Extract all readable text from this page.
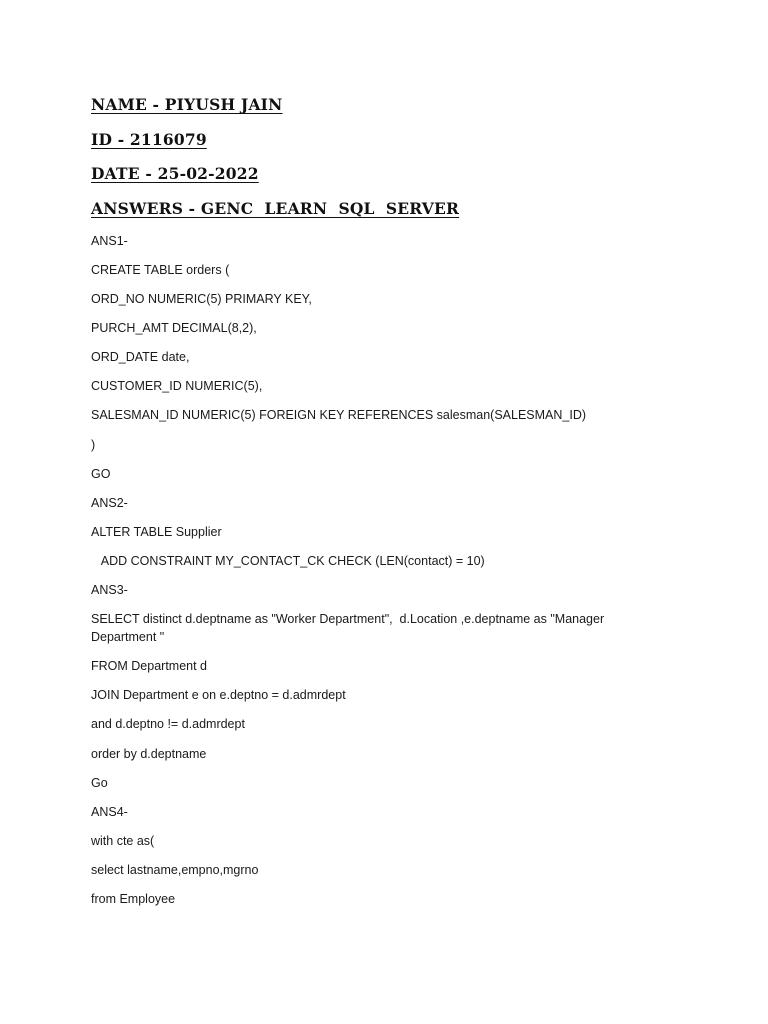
NAME - PIYUSH JAIN

ID - 2116079

DATE - 25-02-2022

ANSWERS - GENC  LEARN  SQL  SERVER

ANS1-

CREATE TABLE orders (

ORD_NO NUMERIC(5) PRIMARY KEY,

PURCH_AMT DECIMAL(8,2),

ORD_DATE date,

CUSTOMER_ID NUMERIC(5),

SALESMAN_ID NUMERIC(5) FOREIGN KEY REFERENCES salesman(SALESMAN_ID)

)

GO

ANS2-

ALTER TABLE Supplier

ADD CONSTRAINT MY_CONTACT_CK CHECK (LEN(contact) = 10)

ANS3-

SELECT distinct d.deptname as "Worker Department",  d.Location ,e.deptname as "Manager Department "

FROM Department d

JOIN Department e on e.deptno = d.admrdept

and d.deptno != d.admrdept

order by d.deptname

Go

ANS4-

with cte as(

select lastname,empno,mgrno

from Employee
